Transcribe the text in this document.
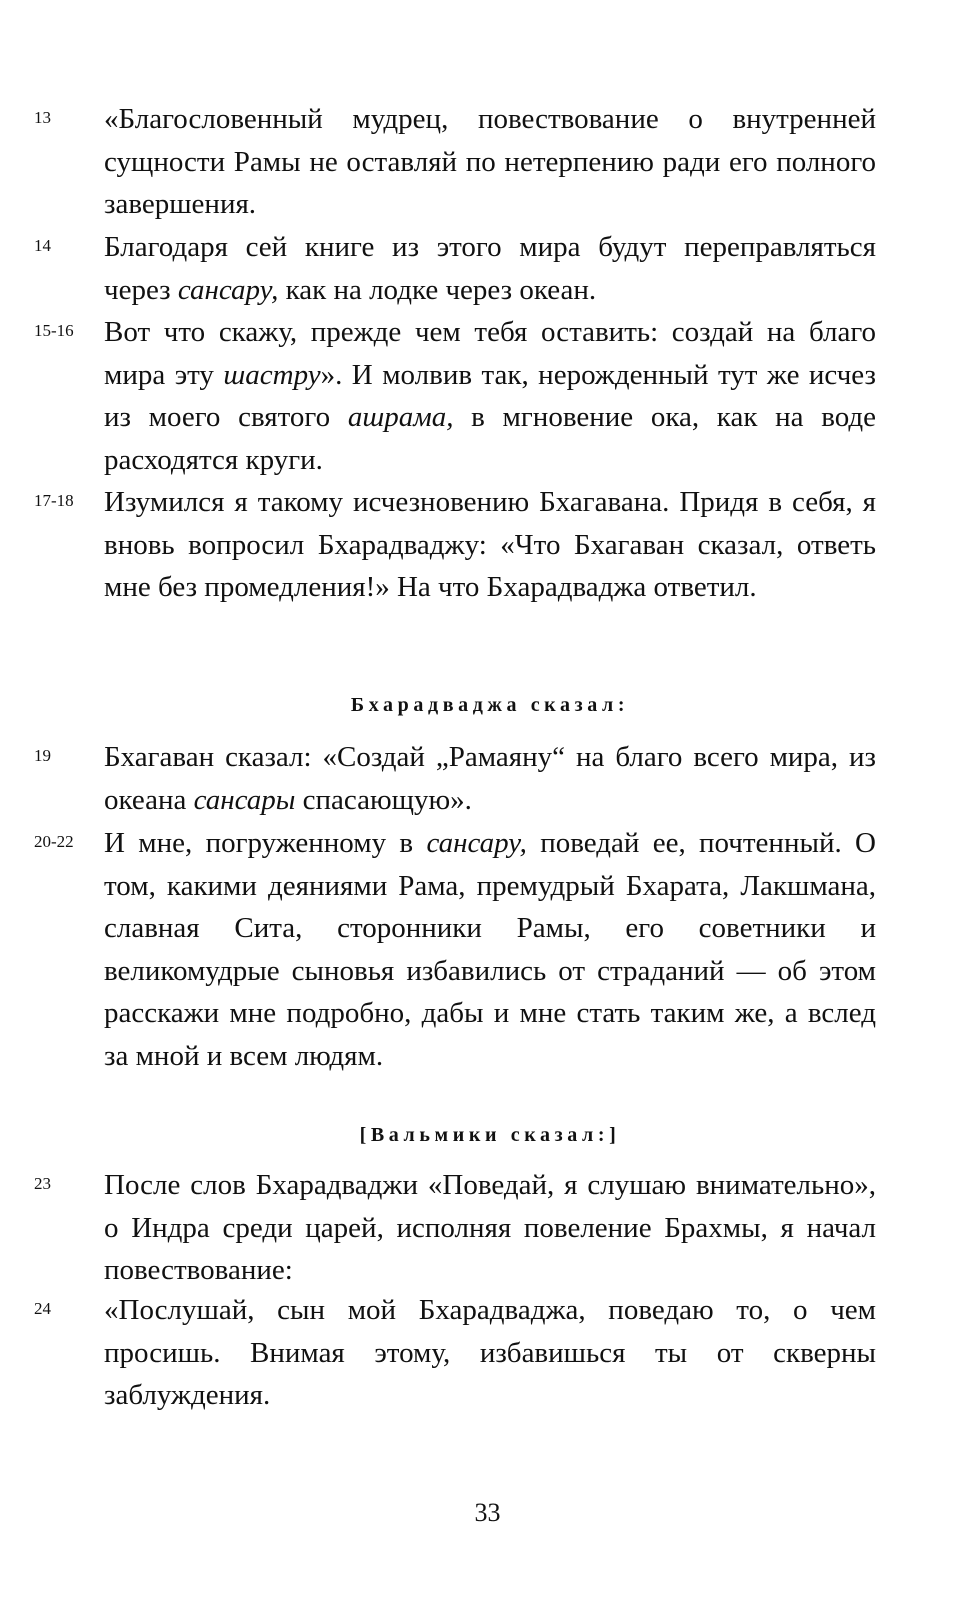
13 «Благословенный мудрец, повествование о внутренней сущности Рамы не оставляй по нетерпению ради его полного завершения.

14 Благодаря сей книге из этого мира будут переправляться через сансару, как на лодке через океан.

15-16 Вот что скажу, прежде чем тебя оставить: создай на благо мира эту шастру». И молвив так, нерожденный тут же исчез из моего святого ашрама, в мгновение ока, как на воде расходятся круги.

17-18 Изумился я такому исчезновению Бхагавана. Придя в себя, я вновь вопросил Бхарадваджу: «Что Бхагаван сказал, ответь мне без промедления!» На что Бхарадваджа ответил.

Бхарадваджа сказал:
19 Бхагаван сказал: «Создай „Рамаяну“ на благо всего мира, из океана сансары спасающую».

20-22 И мне, погруженному в сансару, поведай ее, почтенный. О том, какими деяниями Рама, премудрый Бхарата, Лакшмана, славная Сита, сторонники Рамы, его советники и великомудрые сыновья избавились от страданий — об этом расскажи мне подробно, дабы и мне стать таким же, а вслед за мной и всем людям.

[Вальмики сказал:]
23 После слов Бхарадваджи «Поведай, я слушаю внимательно», о Индра среди царей, исполняя повеление Брахмы, я начал повествование:

24 «Послушай, сын мой Бхарадваджа, поведаю то, о чем просишь. Внимая этому, избавишься ты от скверны заблуждения.

33
